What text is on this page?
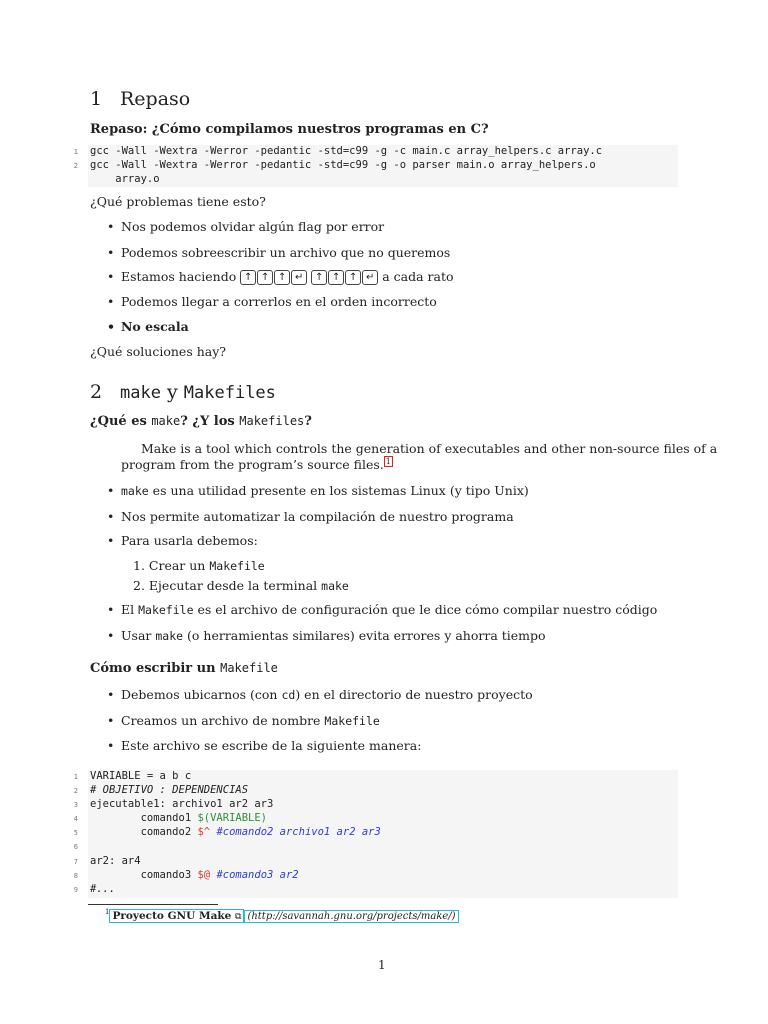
1 Repaso
Repaso: ¿Cómo compilamos nuestros programas en C?
1 gcc -Wall -Wextra -Werror -pedantic -std=c99 -g -c main.c array_helpers.c array.c
2 gcc -Wall -Wextra -Werror -pedantic -std=c99 -g -o parser main.o array_helpers.o
array.o

¿Qué problemas tiene esto?

• Nos podemos olvidar algún flag por error
• Podemos sobreescribir un archivo que no queremos
• Estamos haciendo ↑ ↑ ↑ ↵ ↑ ↑ ↑ ↵ a cada rato
• Podemos llegar a correrlos en el orden incorrecto
• No escala

¿Qué soluciones hay?

2 make y Makefiles
¿Qué es make? ¿Y los Makefiles?

Make is a tool which controls the generation of executables and other non-source files of a

program from the program’s source files. $^1$

• make es una utilidad presente en los sistemas Linux (y tipo Unix)
• Nos permite automatizar la compilación de nuestro programa
• Para usarla debemos:
1. Crear un Makefile
2. Ejecutar desde la terminal make
• El Makefile es el archivo de configuración que le dice cómo compilar nuestro código
• Usar make (o herramientas similares) evita errores y ahorra tiempo
Cómo escribir un Makefile
• Debemos ubicarnos (con cd) en el directorio de nuestro proyecto
• Creamos un archivo de nombre Makefile
• Este archivo se escribe de la siguiente manera:
1 VARIABLE = a b c
2 # OBJETIVO : DEPENDENCIAS
3 ejecutable1: archivo1 ar2 ar3
4 comando1 $(VARIABLE)
5 comando2 $^ #comando2 archivo1 ar2 ar3
6
7 ar2: ar4
8 comando3 $@ #comando3 ar2
9 #...
$^1$ Proyecto GNU Make ⧉ (http://savannah.gnu.org/projects/make/)
1
